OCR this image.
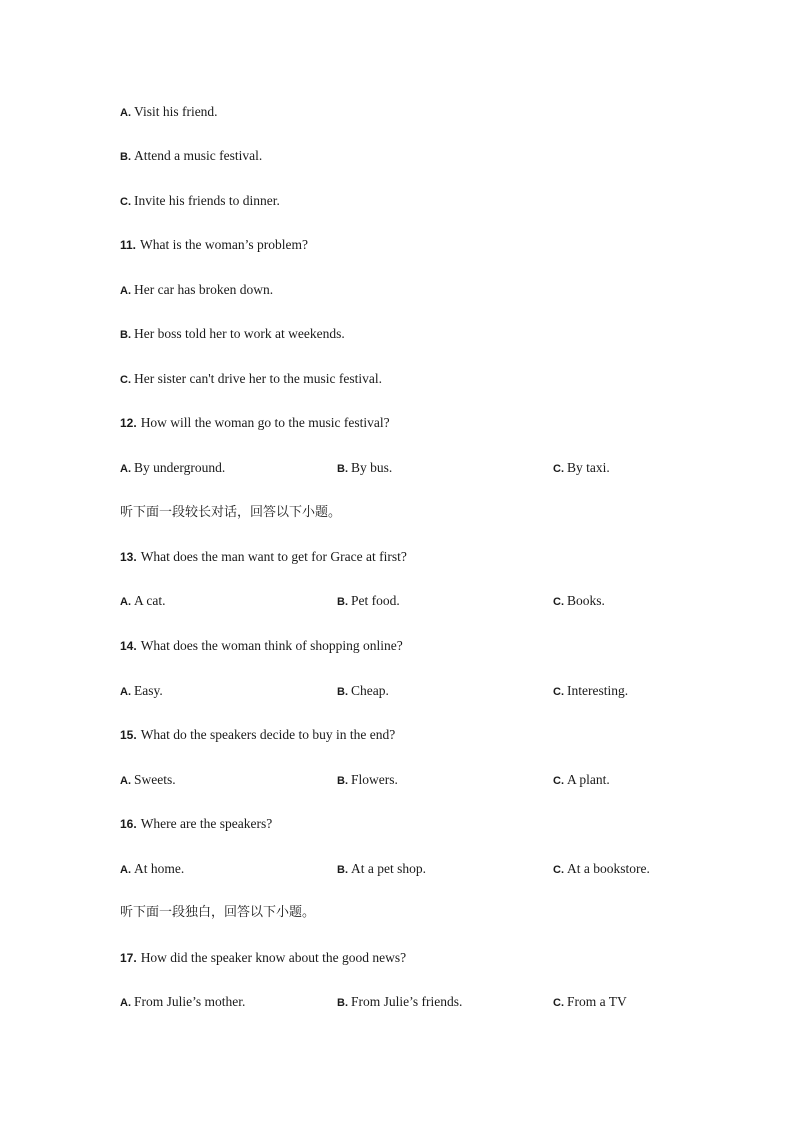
A. Visit his friend.
B. Attend a music festival.
C. Invite his friends to dinner.
11. What is the woman’s problem?
A. Her car has broken down.
B. Her boss told her to work at weekends.
C. Her sister can't drive her to the music festival.
12. How will the woman go to the music festival?
A. By underground.	B. By bus.	C. By taxi.
听下面一段较长对话，回答以下小题。
13. What does the man want to get for Grace at first?
A. A cat.	B. Pet food.	C. Books.
14. What does the woman think of shopping online?
A. Easy.	B. Cheap.	C. Interesting.
15. What do the speakers decide to buy in the end?
A. Sweets.	B. Flowers.	C. A plant.
16. Where are the speakers?
A. At home.	B. At a pet shop.	C. At a bookstore.
听下面一段独白，回答以下小题。
17. How did the speaker know about the good news?
A. From Julie’s mother.	B. From Julie’s friends.	C. From a TV
